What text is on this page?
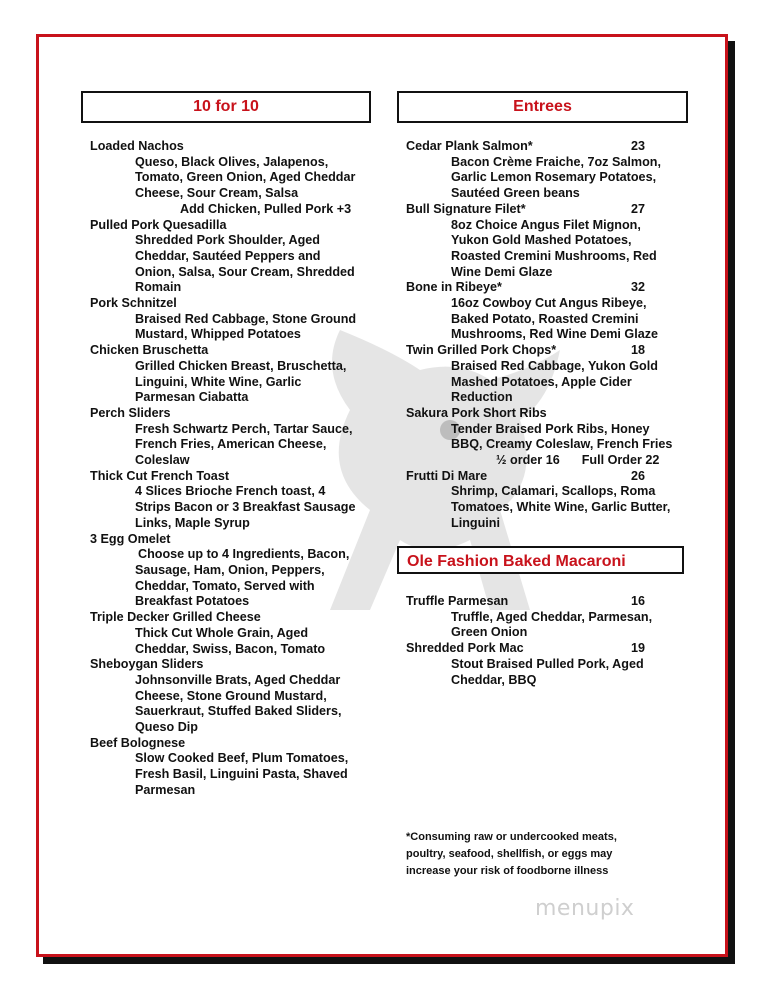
10 for 10	Entrees
Loaded Nachos
Queso, Black Olives, Jalapenos,
Tomato, Green Onion, Aged Cheddar
Cheese, Sour Cream, Salsa
Add Chicken, Pulled Pork +3
Pulled Pork Quesadilla
Shredded Pork Shoulder, Aged
Cheddar, Sautéed Peppers and
Onion, Salsa, Sour Cream, Shredded
Romain
Pork Schnitzel
Braised Red Cabbage, Stone Ground
Mustard, Whipped Potatoes
Chicken Bruschetta
Grilled Chicken Breast, Bruschetta,
Linguini, White Wine, Garlic
Parmesan Ciabatta
Perch Sliders
Fresh Schwartz Perch, Tartar Sauce,
French Fries, American Cheese,
Coleslaw
Thick Cut French Toast
4 Slices Brioche French toast, 4
Strips Bacon or 3 Breakfast Sausage
Links, Maple Syrup
3 Egg Omelet
Choose up to 4 Ingredients, Bacon,
Sausage, Ham, Onion, Peppers,
Cheddar, Tomato, Served with
Breakfast Potatoes
Triple Decker Grilled Cheese
Thick Cut Whole Grain, Aged
Cheddar, Swiss, Bacon, Tomato
Sheboygan Sliders
Johnsonville Brats, Aged Cheddar
Cheese, Stone Ground Mustard,
Sauerkraut, Stuffed Baked Sliders,
Queso Dip
Beef Bolognese
Slow Cooked Beef, Plum Tomatoes,
Fresh Basil, Linguini Pasta, Shaved
Parmesan
Cedar Plank Salmon*	23
Bacon Crème Fraiche, 7oz Salmon,
Garlic Lemon Rosemary Potatoes,
Sautéed Green beans
Bull Signature Filet*	27
8oz Choice Angus Filet Mignon,
Yukon Gold Mashed Potatoes,
Roasted Cremini Mushrooms, Red
Wine Demi Glaze
Bone in Ribeye*	32
16oz Cowboy Cut Angus Ribeye,
Baked Potato, Roasted Cremini
Mushrooms, Red Wine Demi Glaze
Twin Grilled Pork Chops*	18
Braised Red Cabbage, Yukon Gold
Mashed Potatoes, Apple Cider
Reduction
Sakura Pork Short Ribs
Tender Braised Pork Ribs, Honey
BBQ, Creamy Coleslaw, French Fries
½ order 16 Full Order 22
Frutti Di Mare	26
Shrimp, Calamari, Scallops, Roma
Tomatoes, White Wine, Garlic Butter,
Linguini
Ole Fashion Baked Macaroni
Truffle Parmesan	16
Truffle, Aged Cheddar, Parmesan,
Green Onion
Shredded Pork Mac	19
Stout Braised Pulled Pork, Aged
Cheddar, BBQ
*Consuming raw or undercooked meats,
poultry, seafood, shellfish, or eggs may
increase your risk of foodborne illness
menupix
